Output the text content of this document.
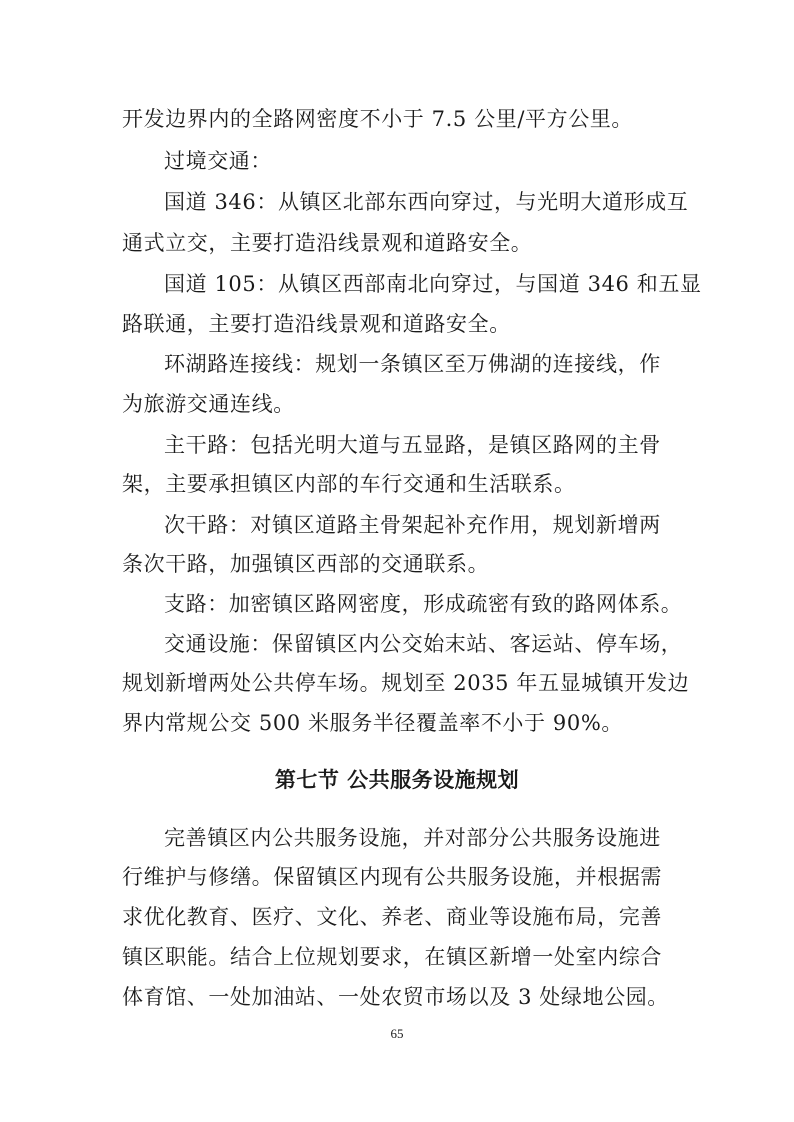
开发边界内的全路网密度不小于 7.5 公里/平方公里。
过境交通：
国道 346：从镇区北部东西向穿过，与光明大道形成互
通式立交，主要打造沿线景观和道路安全。
国道 105：从镇区西部南北向穿过，与国道 346 和五显
路联通，主要打造沿线景观和道路安全。
环湖路连接线：规划一条镇区至万佛湖的连接线，作
为旅游交通连线。
主干路：包括光明大道与五显路，是镇区路网的主骨
架，主要承担镇区内部的车行交通和生活联系。
次干路：对镇区道路主骨架起补充作用，规划新增两
条次干路，加强镇区西部的交通联系。
支路：加密镇区路网密度，形成疏密有致的路网体系。
交通设施：保留镇区内公交始末站、客运站、停车场，
规划新增两处公共停车场。规划至 2035 年五显城镇开发边
界内常规公交 500 米服务半径覆盖率不小于 90%。
第七节 公共服务设施规划
完善镇区内公共服务设施，并对部分公共服务设施进
行维护与修缮。保留镇区内现有公共服务设施，并根据需
求优化教育、医疗、文化、养老、商业等设施布局，完善
镇区职能。结合上位规划要求，在镇区新增一处室内综合
体育馆、一处加油站、一处农贸市场以及 3 处绿地公园。
65
